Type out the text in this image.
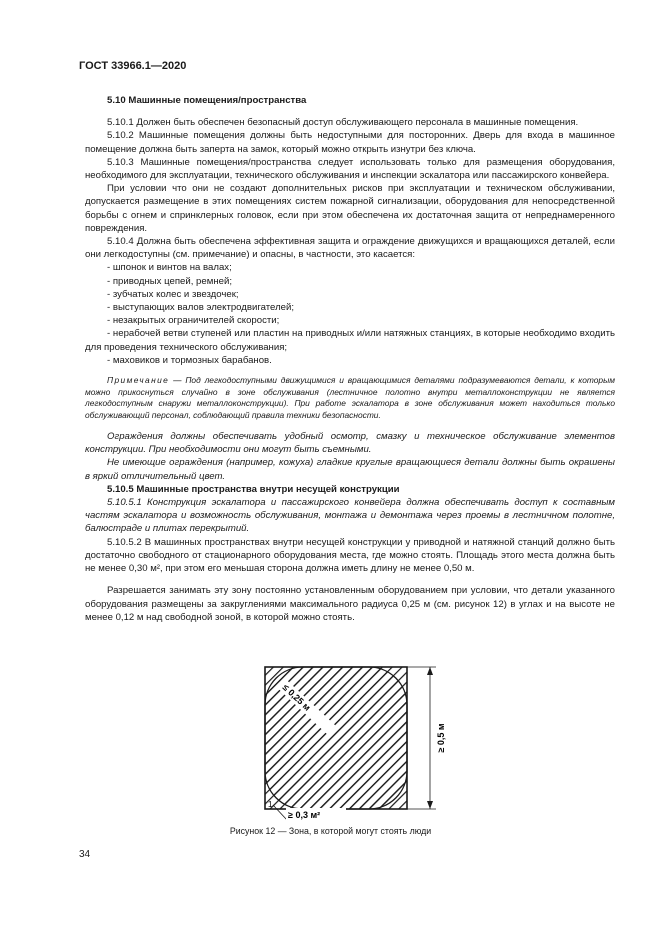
ГОСТ 33966.1—2020

5.10 Машинные помещения/пространства

5.10.1 Должен быть обеспечен безопасный доступ обслуживающего персонала в машинные помещения.

5.10.2 Машинные помещения должны быть недоступными для посторонних. Дверь для входа в машинное помещение должна быть заперта на замок, который можно открыть изнутри без ключа.

5.10.3 Машинные помещения/пространства следует использовать только для размещения оборудования, необходимого для эксплуатации, технического обслуживания и инспекции эскалатора или пассажирского конвейера.

При условии что они не создают дополнительных рисков при эксплуатации и техническом обслуживании, допускается размещение в этих помещениях систем пожарной сигнализации, оборудования для непосредственной борьбы с огнем и спринклерных головок, если при этом обеспечена их достаточная защита от непреднамеренного повреждения.

5.10.4 Должна быть обеспечена эффективная защита и ограждение движущихся и вращающихся деталей, если они легкодоступны (см. примечание) и опасны, в частности, это касается:

- шпонок и винтов на валах;

- приводных цепей, ремней;

- зубчатых колес и звездочек;

- выступающих валов электродвигателей;

- незакрытых ограничителей скорости;

- нерабочей ветви ступеней или пластин на приводных и/или натяжных станциях, в которые необходимо входить для проведения технического обслуживания;

- маховиков и тормозных барабанов.

Примечание — Под легкодоступными движущимися и вращающимися деталями подразумеваются детали, к которым можно прикоснуться случайно в зоне обслуживания (лестничное полотно внутри металлоконструкции не является легкодоступным снаружи металлоконструкции). При работе эскалатора в зоне обслуживания может находиться только обслуживающий персонал, соблюдающий правила техники безопасности.

Ограждения должны обеспечивать удобный осмотр, смазку и техническое обслуживание элементов конструкции. При необходимости они могут быть съемными.

Не имеющие ограждения (например, кожуха) гладкие круглые вращающиеся детали должны быть окрашены в яркий отличительный цвет.

5.10.5 Машинные пространства внутри несущей конструкции

5.10.5.1 Конструкция эскалатора и пассажирского конвейера должна обеспечивать доступ к составным частям эскалатора и возможность обслуживания, монтажа и демонтажа через проемы в лестничном полотне, балюстраде и плитах перекрытий.

5.10.5.2 В машинных пространствах внутри несущей конструкции у приводной и натяжной станций должно быть достаточно свободного от стационарного оборудования места, где можно стоять. Площадь этого места должна быть не менее 0,30 м², при этом его меньшая сторона должна иметь длину не менее 0,50 м.

Разрешается занимать эту зону постоянно установленным оборудованием при условии, что детали указанного оборудования размещены за закруглениями максимального радиуса 0,25 м (см. рисунок 12) в углах и на высоте не менее 0,12 м над свободной зоной, в которой можно стоять.

≤ 0,25 м
≥ 0,5 м
1
≥ 0,3 м²
Рисунок 12 — Зона, в которой могут стоять люди
34
